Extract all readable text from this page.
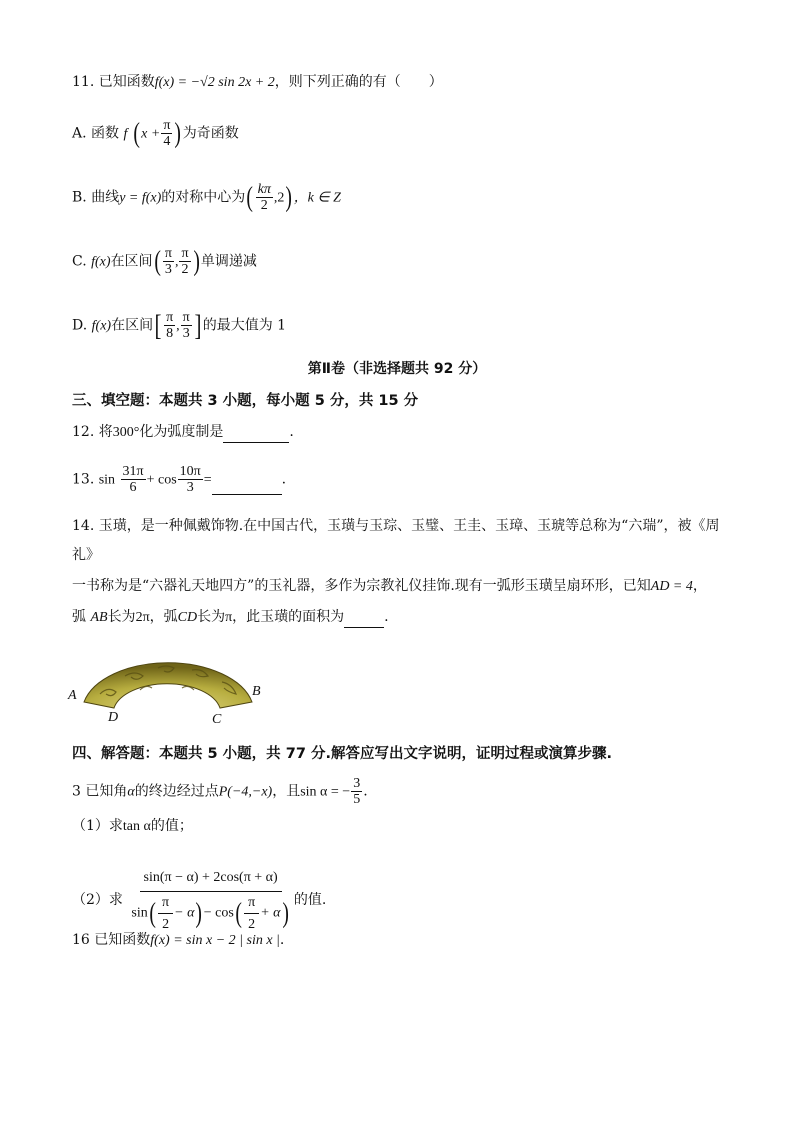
11. 已知函数f(x) = −√2 sin 2x + 2，则下列正确的有（　　）
A. 函数 f ($x + \frac{\pi}{4}$ )为奇函数
B. 曲线y = f(x)的对称中心为( $\frac{k\pi}{2} ,2$)，k ∈ Z
C. f(x)在区间( $\frac{\pi}{3}$ , $\frac{\pi}{2}$ )单调递减
D. f(x)在区间[ $\frac{\pi}{8}$ , $\frac{\pi}{3}$ ] 的最大值为 1
第Ⅱ卷（非选择题共 92 分）
三、填空题：本题共 3 小题，每小题 5 分，共 15 分
12. 将300°化为弧度制是	.
13. $\sin \frac{31\pi}{6} + \cos \frac{10\pi}{3}$ =	.
14. 玉璜，是一种佩戴饰物.在中国古代，玉璜与玉琮、玉璧、王圭、玉璋、玉琥等总称为“六瑞”，被《周
礼》
一书称为是“六器礼天地四方”的玉礼器，多作为宗教礼仪挂饰.现有一弧形玉璜呈扇环形，已知AD = 4，
弧 AB长为2π，弧CD长为π，此玉璜的面积为	.
A	B
C
D
四、解答题：本题共 5 小题，共 77 分.解答应写出文字说明，证明过程或演算步骤.
3 已知角α的终边经过点P(−4,−x)，且sin α = − $\frac{3}{5}$ .
（1）求tan α的值；
（2）求 $\frac{\sin(\pi - \alpha) + 2\cos(\pi + \alpha)}{\sin( \frac{\pi}{2} - \alpha)- \cos( \frac{\pi}{2} + \alpha)}$ 的值.
16 已知函数f(x) = sin x − 2 | sin x |.
